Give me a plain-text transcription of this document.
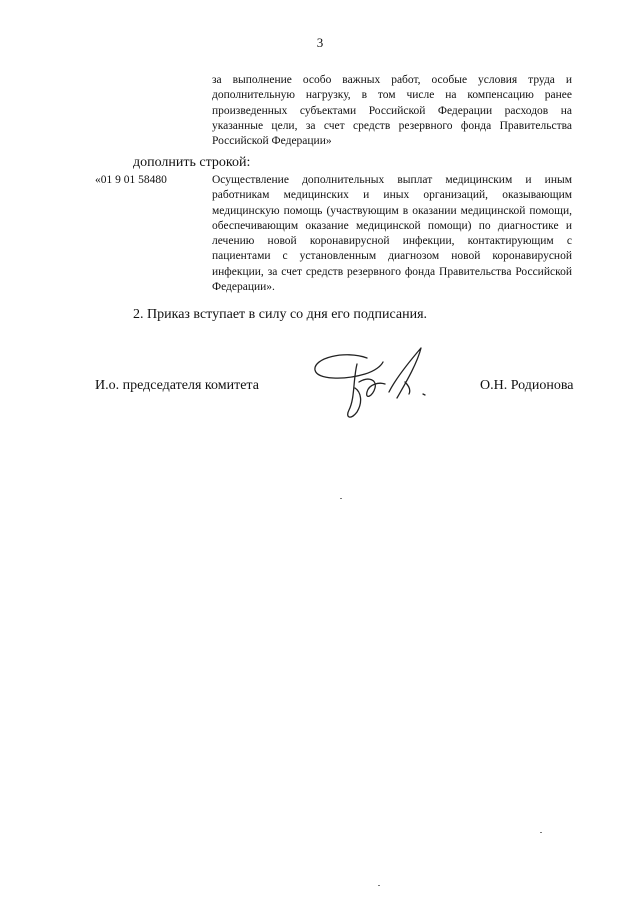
3
за выполнение особо важных работ, особые условия труда и дополнительную нагрузку, в том числе на компенсацию ранее произведенных субъектами Российской Федерации расходов на указанные цели, за счет средств резервного фонда Правительства Российской Федерации»
дополнить строкой:
«01 9 01 58480	Осуществление дополнительных выплат медицинским и иным работникам медицинских и иных организаций, оказывающим медицинскую помощь (участвующим в оказании медицинской помощи, обеспечивающим оказание медицинской помощи) по диагностике и лечению новой коронавирусной инфекции, контактирующим с пациентами с установленным диагнозом новой коронавирусной инфекции, за счет средств резервного фонда Правительства Российской Федерации».
2. Приказ вступает в силу со дня его подписания.
И.о. председателя комитета	О.Н. Родионова
